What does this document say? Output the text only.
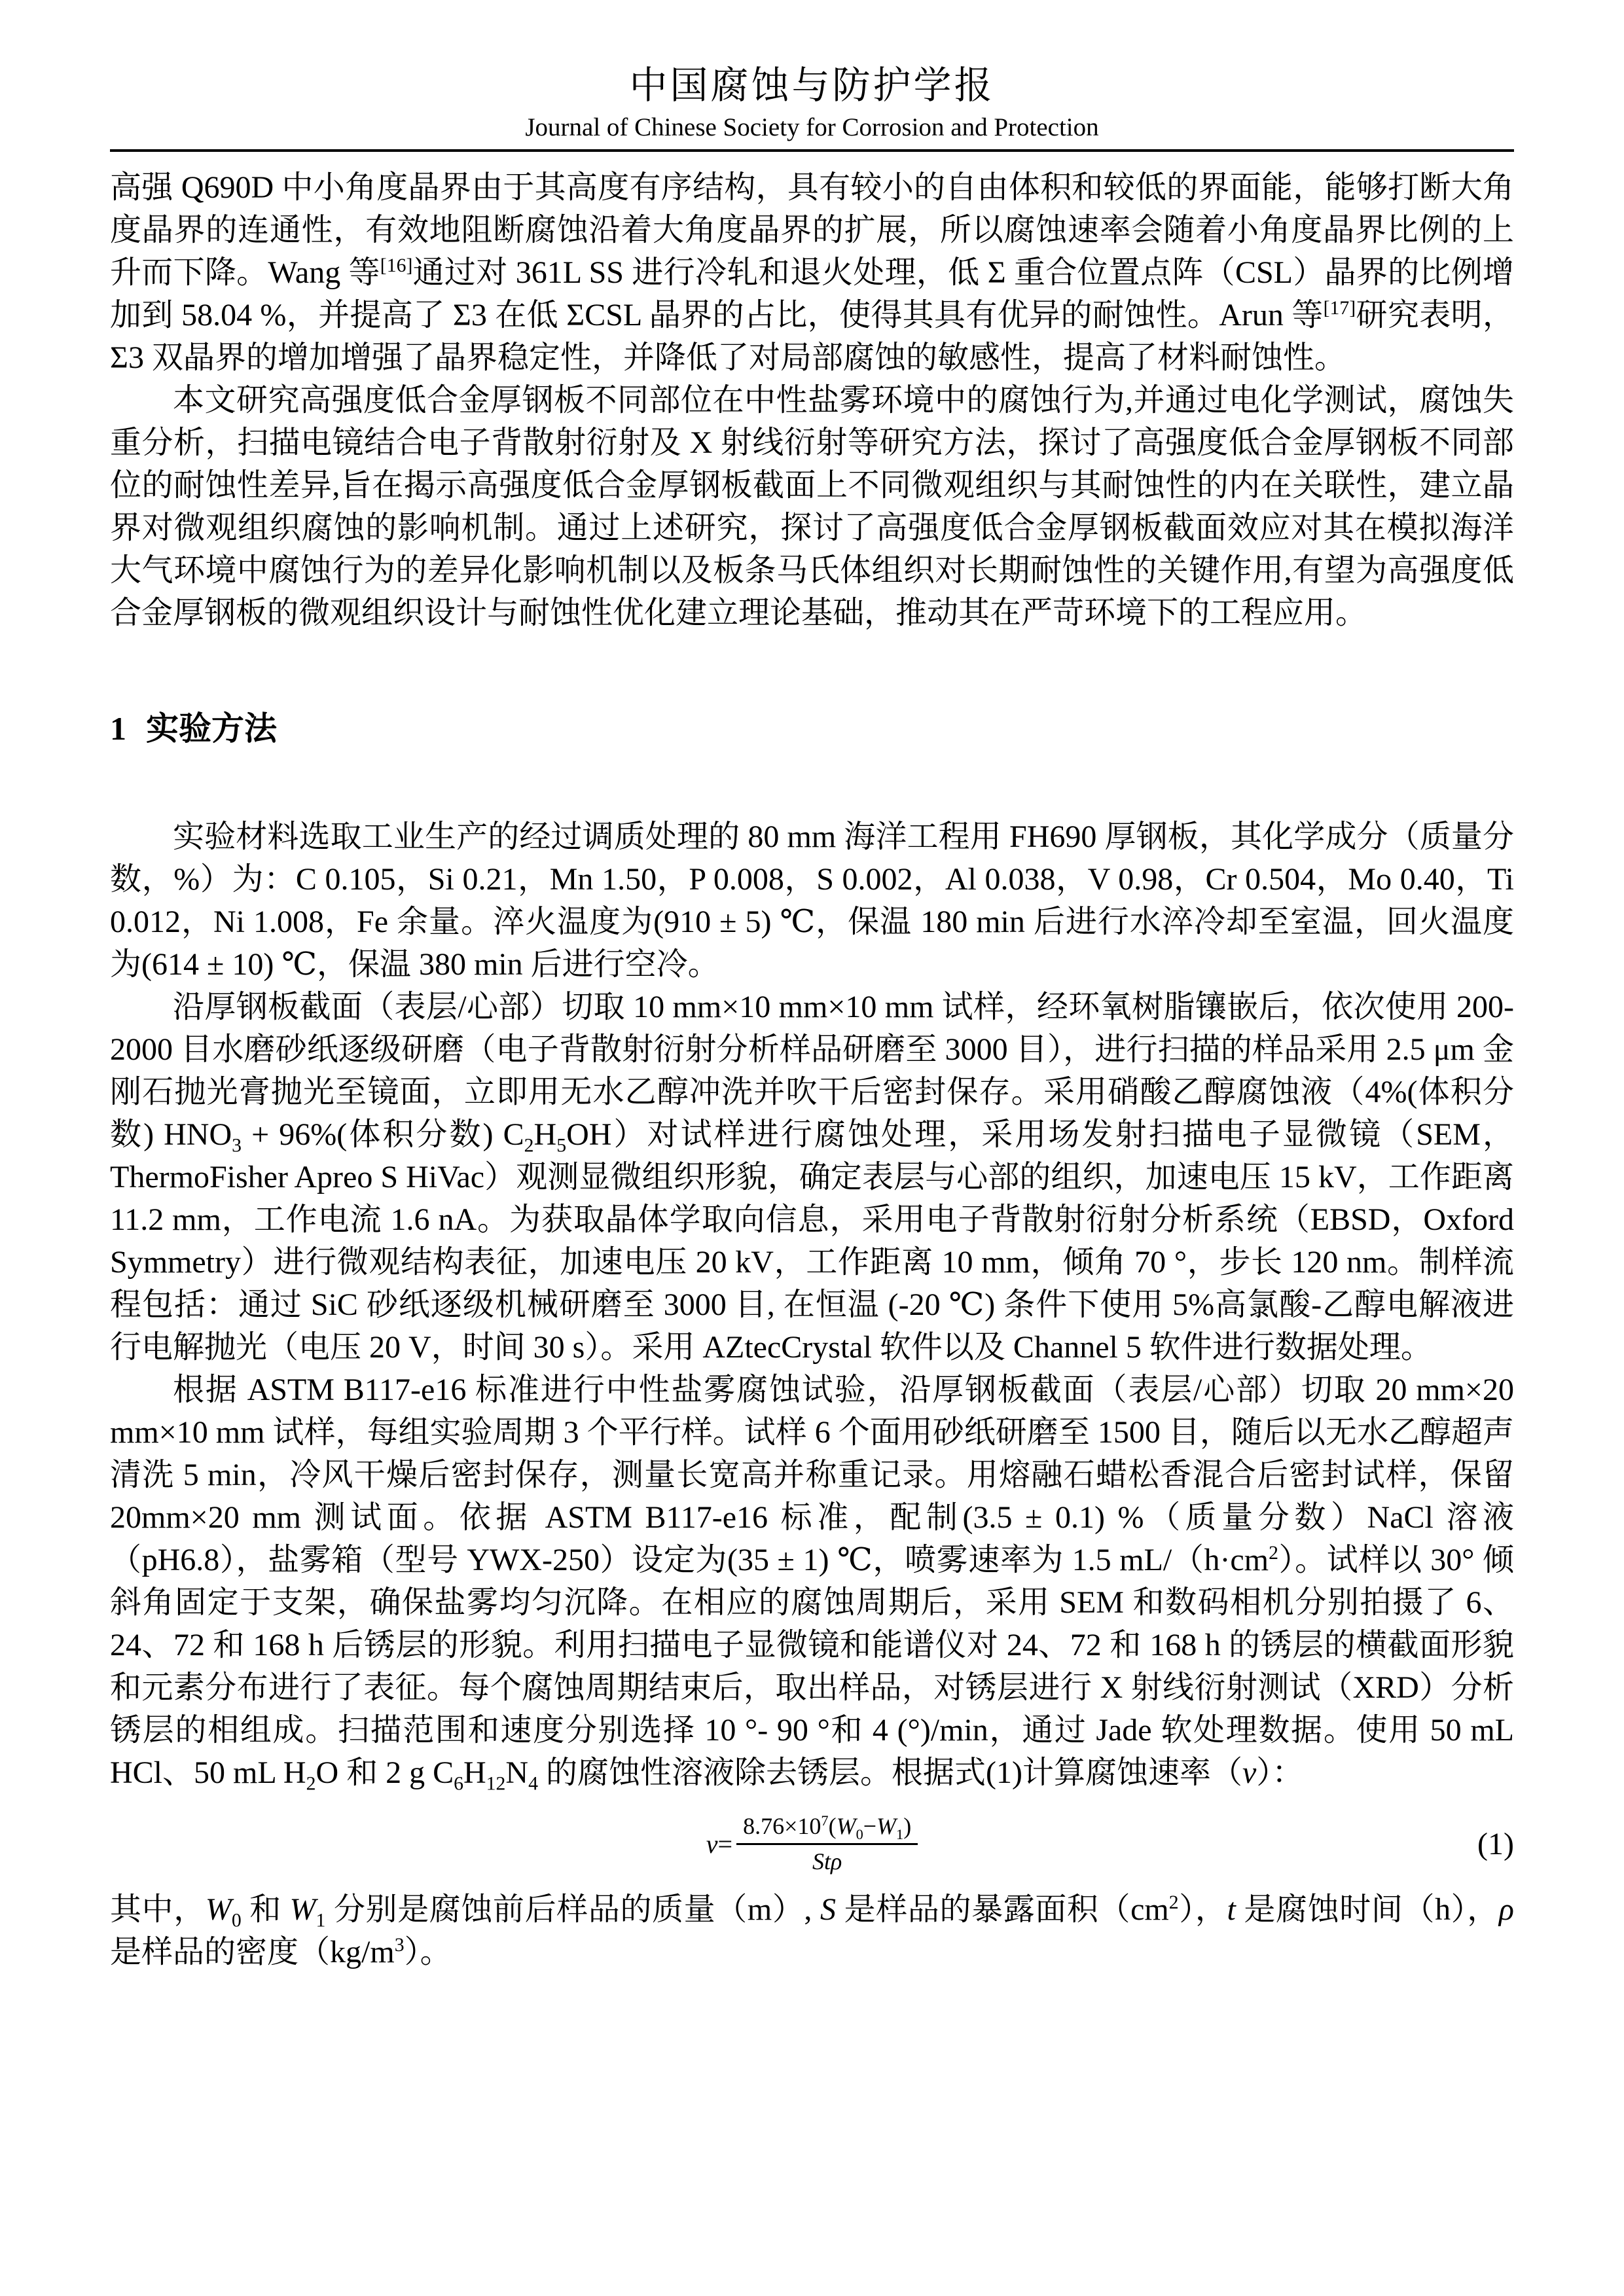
中国腐蚀与防护学报
Journal of Chinese Society for Corrosion and Protection

高强 Q690D 中小角度晶界由于其高度有序结构，具有较小的自由体积和较低的界面能，能够打断大角度晶界的连通性，有效地阻断腐蚀沿着大角度晶界的扩展，所以腐蚀速率会随着小角度晶界比例的上升而下降。Wang 等[16]通过对 361L SS 进行冷轧和退火处理，低 Σ 重合位置点阵（CSL）晶界的比例增加到 58.04 %，并提高了 Σ3 在低 ΣCSL 晶界的占比，使得其具有优异的耐蚀性。Arun 等[17]研究表明，Σ3 双晶界的增加增强了晶界稳定性，并降低了对局部腐蚀的敏感性，提高了材料耐蚀性。

本文研究高强度低合金厚钢板不同部位在中性盐雾环境中的腐蚀行为,并通过电化学测试，腐蚀失重分析，扫描电镜结合电子背散射衍射及 X 射线衍射等研究方法，探讨了高强度低合金厚钢板不同部位的耐蚀性差异,旨在揭示高强度低合金厚钢板截面上不同微观组织与其耐蚀性的内在关联性，建立晶界对微观组织腐蚀的影响机制。通过上述研究，探讨了高强度低合金厚钢板截面效应对其在模拟海洋大气环境中腐蚀行为的差异化影响机制以及板条马氏体组织对长期耐蚀性的关键作用,有望为高强度低合金厚钢板的微观组织设计与耐蚀性优化建立理论基础，推动其在严苛环境下的工程应用。

1 实验方法

实验材料选取工业生产的经过调质处理的 80 mm 海洋工程用 FH690 厚钢板，其化学成分（质量分数，%）为：C 0.105，Si 0.21，Mn 1.50，P 0.008，S 0.002，Al 0.038，V 0.98，Cr 0.504，Mo 0.40，Ti 0.012，Ni 1.008，Fe 余量。淬火温度为(910 ± 5) ℃，保温 180 min 后进行水淬冷却至室温，回火温度为(614 ± 10) ℃，保温 380 min 后进行空冷。

沿厚钢板截面（表层/心部）切取 10 mm×10 mm×10 mm 试样，经环氧树脂镶嵌后，依次使用 200-2000 目水磨砂纸逐级研磨（电子背散射衍射分析样品研磨至 3000 目），进行扫描的样品采用 2.5 μm 金刚石抛光膏抛光至镜面，立即用无水乙醇冲洗并吹干后密封保存。采用硝酸乙醇腐蚀液（4%(体积分数) $HNO_3 + 96\%$(体积分数) $C_2H_5OH$）对试样进行腐蚀处理，采用场发射扫描电子显微镜（SEM，ThermoFisher Apreo S HiVac）观测显微组织形貌，确定表层与心部的组织，加速电压 15 kV，工作距离 11.2 mm，工作电流 1.6 nA。为获取晶体学取向信息，采用电子背散射衍射分析系统（EBSD，Oxford Symmetry）进行微观结构表征，加速电压 20 kV，工作距离 10 mm，倾角 70 °，步长 120 nm。制样流程包括：通过 SiC 砂纸逐级机械研磨至 3000 目, 在恒温 (-20 ℃) 条件下使用 5%高氯酸-乙醇电解液进行电解抛光（电压 20 V，时间 30 s）。采用 AZtecCrystal 软件以及 Channel 5 软件进行数据处理。

根据 ASTM B117-e16 标准进行中性盐雾腐蚀试验，沿厚钢板截面（表层/心部）切取 20 mm×20 mm×10 mm 试样，每组实验周期 3 个平行样。试样 6 个面用砂纸研磨至 1500 目，随后以无水乙醇超声清洗 5 min，冷风干燥后密封保存，测量长宽高并称重记录。用熔融石蜡松香混合后密封试样，保留 20mm×20 mm 测试面。依据 ASTM B117-e16 标准，配制(3.5 ± 0.1) %（质量分数）NaCl 溶液（pH6.8），盐雾箱（型号 YWX-250）设定为(35 ± 1) ℃，喷雾速率为 1.5 $mL/(h\cdot cm^2)$。试样以 30° 倾斜角固定于支架，确保盐雾均匀沉降。在相应的腐蚀周期后，采用 SEM 和数码相机分别拍摄了 6、24、72 和 168 h 后锈层的形貌。利用扫描电子显微镜和能谱仪对 24、72 和 168 h 的锈层的横截面形貌和元素分布进行了表征。每个腐蚀周期结束后，取出样品，对锈层进行 X 射线衍射测试（XRD）分析锈层的相组成。扫描范围和速度分别选择 10 °- 90 °和 4 (°)/min，通过 Jade 软处理数据。使用 50 mL HCl、50 mL $H_2O$ 和 2 g $C_6H_{12}N_4$ 的腐蚀性溶液除去锈层。根据式(1)计算腐蚀速率（v）：

$v= \frac{8.76\times 10^7(W_0-W_1)}{\text{Stρ}}$	(1)

其中，$W_0$ 和 $W_1$ 分别是腐蚀前后样品的质量（m）, S 是样品的暴露面积$(cm^2)$，t 是腐蚀时间（h），ρ 是样品的密度$(kg/m^3)$。
